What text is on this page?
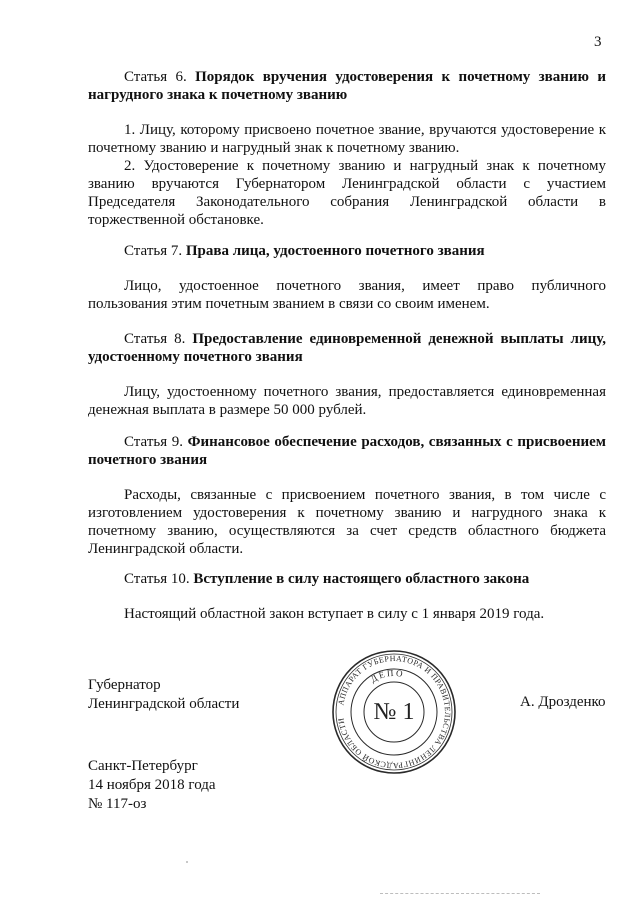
3
Статья 6. Порядок вручения удостоверения к почетному званию и нагрудного знака к почетному званию

1. Лицу, которому присвоено почетное звание, вручаются удостоверение к почетному званию и нагрудный знак к почетному званию.

2. Удостоверение к почетному званию и нагрудный знак к почетному званию вручаются Губернатором Ленинградской области с участием Председателя Законодательного собрания Ленинградской области в торжественной обстановке.

Статья 7. Права лица, удостоенного почетного звания

Лицо, удостоенное почетного звания, имеет право публичного пользования этим почетным званием в связи со своим именем.

Статья 8. Предоставление единовременной денежной выплаты лицу, удостоенному почетного звания

Лицу, удостоенному почетного звания, предоставляется единовременная денежная выплата в размере 50 000 рублей.

Статья 9. Финансовое обеспечение расходов, связанных с присвоением почетного звания

Расходы, связанные с присвоением почетного звания, в том числе с изготовлением удостоверения к почетному званию и нагрудного знака к почетному званию, осуществляются за счет средств областного бюджета Ленинградской области.

Статья 10. Вступление в силу настоящего областного закона

Настоящий областной закон вступает в силу с 1 января 2019 года.

Губернатор
Ленинградской области	АППАРАТ ГУБЕРНАТОРА И ПРАВИТЕЛЬСТВА ЛЕНИНГРАДСКОЙ ОБЛАСТИ
ДЕПО
№ 1	А. Дрозденко
Санкт-Петербург
14 ноября 2018 года
№ 117-оз
